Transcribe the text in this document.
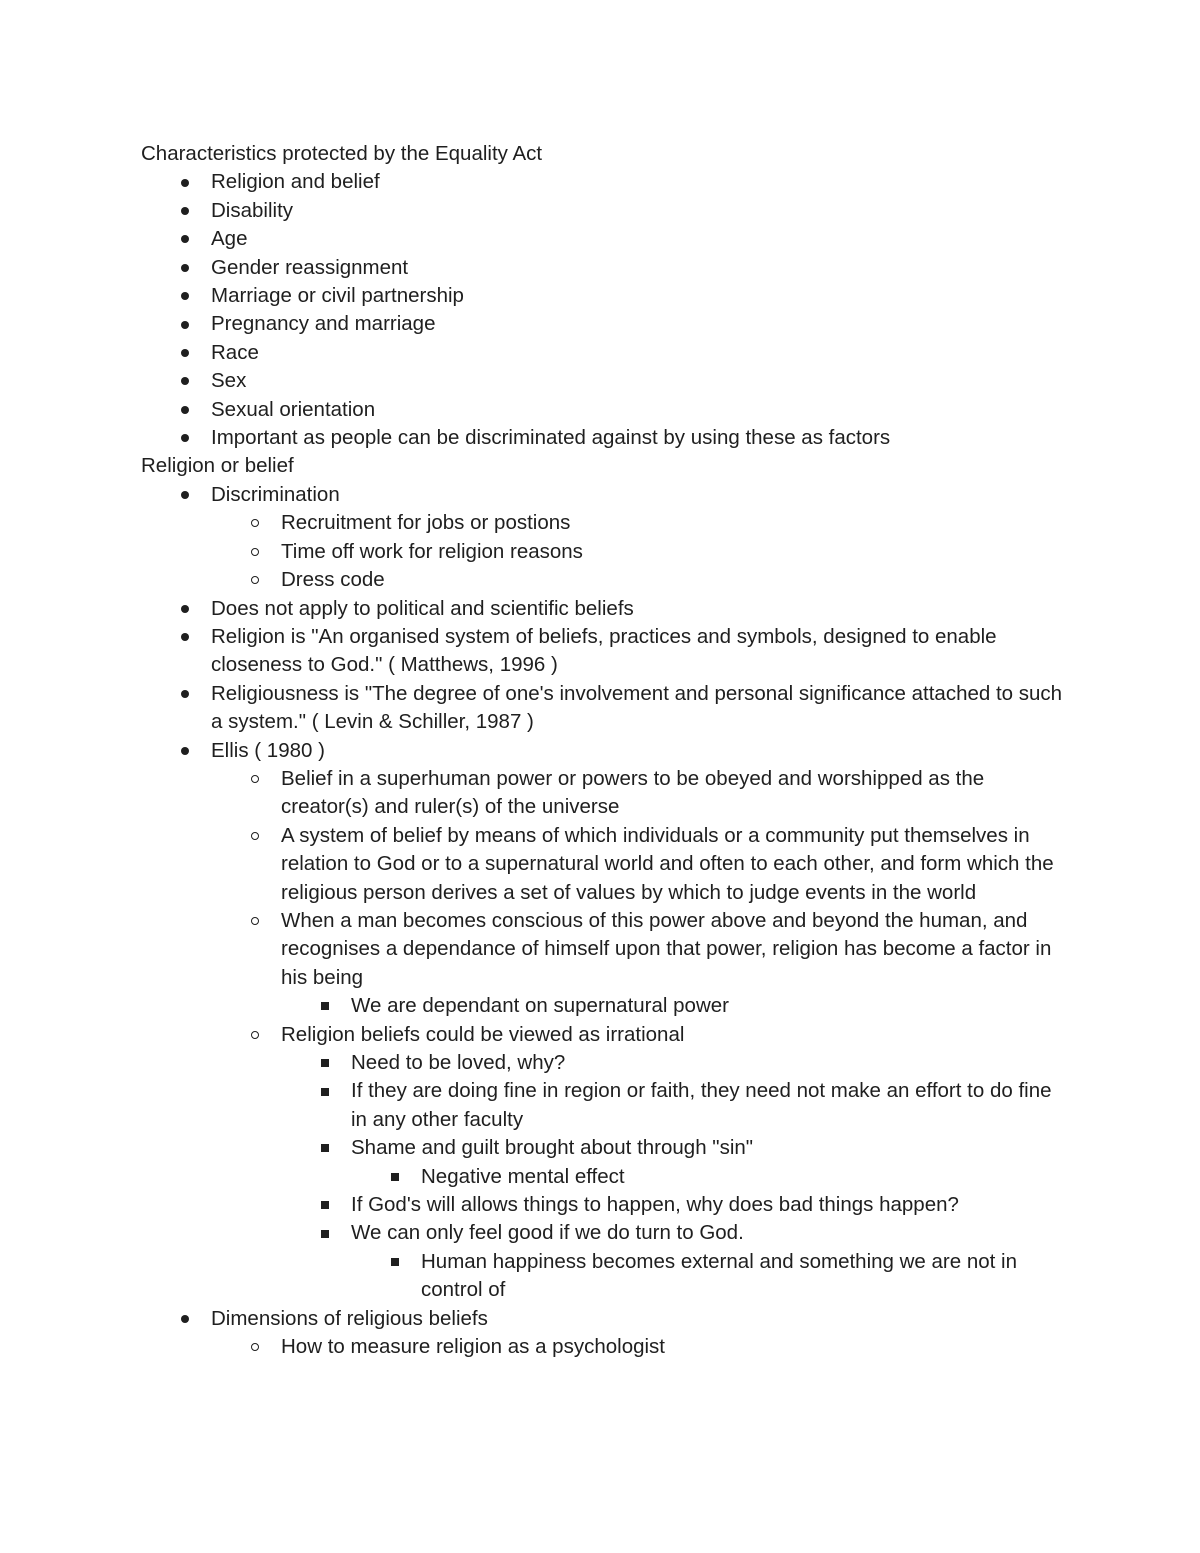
Characteristics protected by the Equality Act
Religion and belief
Disability
Age
Gender reassignment
Marriage or civil partnership
Pregnancy and marriage
Race
Sex
Sexual orientation
Important as people can be discriminated against by using these as factors
Religion or belief
Discrimination
Recruitment for jobs or postions
Time off work for religion reasons
Dress code
Does not apply to political and scientific beliefs
Religion is "An organised system of beliefs, practices and symbols, designed to enable closeness to God." ( Matthews, 1996 )
Religiousness is "The degree of one's involvement and personal significance attached to such a system." ( Levin & Schiller, 1987 )
Ellis ( 1980 )
Belief in a superhuman power or powers to be obeyed and worshipped as the creator(s) and ruler(s) of the universe
A system of belief by means of which individuals or a community put themselves in relation to God or to a supernatural world and often to each other, and form which the religious person derives a set of values by which to judge events in the world
When a man becomes conscious of this power above and beyond the human, and recognises a dependance of himself upon that power, religion has become a factor in his being
We are dependant on supernatural power
Religion beliefs could be viewed as irrational
Need to be loved, why?
If they are doing fine in region or faith, they need not make an effort to do fine in any other faculty
Shame and guilt brought about through "sin"
Negative mental effect
If God's will allows things to happen, why does bad things happen?
We can only feel good if we do turn to God.
Human happiness becomes external and something we are not in control of
Dimensions of religious beliefs
How to measure religion as a psychologist
